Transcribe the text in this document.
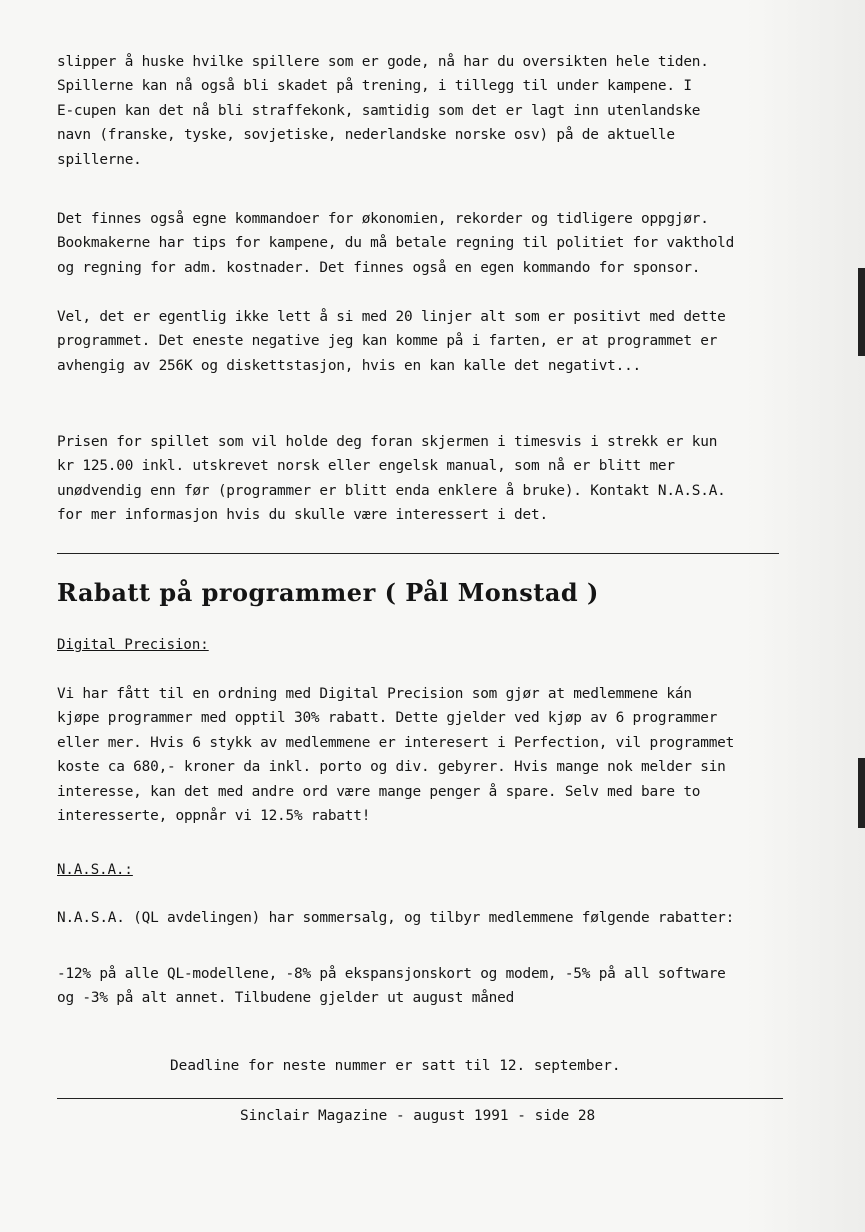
slipper å huske hvilke spillere som er gode, nå har du oversikten hele tiden.
Spillerne kan nå også bli skadet på trening, i tillegg til under kampene. I
E-cupen kan det nå bli straffekonk, samtidig som det er lagt inn utenlandske
navn (franske, tyske, sovjetiske, nederlandske norske osv) på de aktuelle
spillerne.
Det finnes også egne kommandoer for økonomien, rekorder og tidligere oppgjør.
Bookmakerne har tips for kampene, du må betale regning til politiet for vakthold
og regning for adm. kostnader. Det finnes også en egen kommando for sponsor.
Vel, det er egentlig ikke lett å si med 20 linjer alt som er positivt med dette
programmet. Det eneste negative jeg kan komme på i farten, er at programmet er
avhengig av 256K og diskettstasjon, hvis en kan kalle det negativt...
Prisen for spillet som vil holde deg foran skjermen i timesvis i strekk er kun
kr 125.00 inkl. utskrevet norsk eller engelsk manual, som nå er blitt mer
unødvendig enn før (programmer er blitt enda enklere å bruke). Kontakt N.A.S.A.
for mer informasjon hvis du skulle være interessert i det.
Rabatt på programmer ( Pål Monstad )
Digital Precision:
Vi har fått til en ordning med Digital Precision som gjør at medlemmene kán
kjøpe programmer med opptil 30% rabatt. Dette gjelder ved kjøp av 6 programmer
eller mer. Hvis 6 stykk av medlemmene er interesert i Perfection, vil programmet
koste ca 680,- kroner da inkl. porto og div. gebyrer. Hvis mange nok melder sin
interesse, kan det med andre ord være mange penger å spare. Selv med bare to
interesserte, oppnår vi 12.5% rabatt!
N.A.S.A.:
N.A.S.A. (QL avdelingen) har sommersalg, og tilbyr medlemmene følgende rabatter:
-12% på alle QL-modellene, -8% på ekspansjonskort og modem, -5% på all software
og -3% på alt annet. Tilbudene gjelder ut august måned
Deadline for neste nummer er satt til 12. september.
Sinclair Magazine - august 1991 - side 28
